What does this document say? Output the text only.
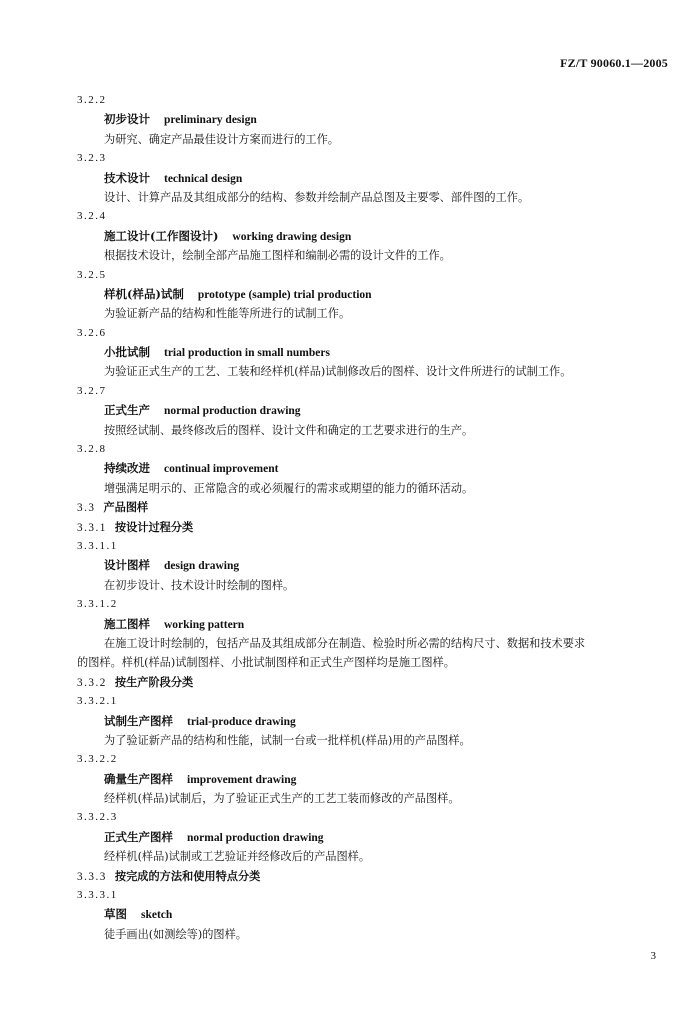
FZ/T 90060.1—2005
3.2.2
初步设计 preliminary design
为研究、确定产品最佳设计方案而进行的工作。
3.2.3
技术设计 technical design
设计、计算产品及其组成部分的结构、参数并绘制产品总图及主要零、部件图的工作。
3.2.4
施工设计(工作图设计) working drawing design
根据技术设计，绘制全部产品施工图样和编制必需的设计文件的工作。
3.2.5
样机(样品)试制 prototype (sample) trial production
为验证新产品的结构和性能等所进行的试制工作。
3.2.6
小批试制 trial production in small numbers
为验证正式生产的工艺、工装和经样机(样品)试制修改后的图样、设计文件所进行的试制工作。
3.2.7
正式生产 normal production drawing
按照经试制、最终修改后的图样、设计文件和确定的工艺要求进行的生产。
3.2.8
持续改进 continual improvement
增强满足明示的、正常隐含的或必须履行的需求或期望的能力的循环活动。
3.3 产品图样
3.3.1 按设计过程分类
3.3.1.1
设计图样 design drawing
在初步设计、技术设计时绘制的图样。
3.3.1.2
施工图样 working pattern
在施工设计时绘制的，包括产品及其组成部分在制造、检验时所必需的结构尺寸、数据和技术要求
的图样。样机(样品)试制图样、小批试制图样和正式生产图样均是施工图样。
3.3.2 按生产阶段分类
3.3.2.1
试制生产图样 trial-produce drawing
为了验证新产品的结构和性能，试制一台或一批样机(样品)用的产品图样。
3.3.2.2
确量生产图样 improvement drawing
经样机(样品)试制后，为了验证正式生产的工艺工装而修改的产品图样。
3.3.2.3
正式生产图样 normal production drawing
经样机(样品)试制或工艺验证并经修改后的产品图样。
3.3.3 按完成的方法和使用特点分类
3.3.3.1
草图 sketch
徒手画出(如测绘等)的图样。
3
